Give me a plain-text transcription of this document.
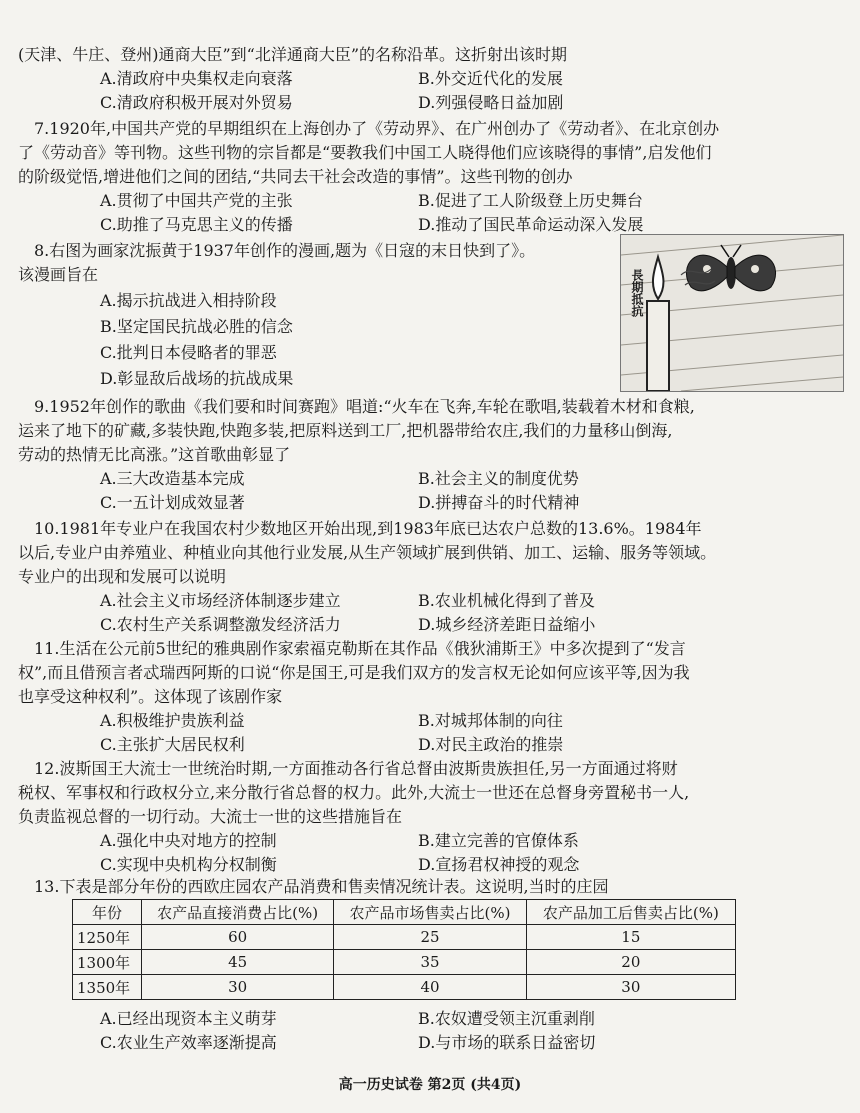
(天津、牛庄、登州)通商大臣”到“北洋通商大臣”的名称沿革。这折射出该时期
A.清政府中央集权走向衰落	B.外交近代化的发展
C.清政府积极开展对外贸易	D.列强侵略日益加剧
7.1920年,中国共产党的早期组织在上海创办了《劳动界》、在广州创办了《劳动者》、在北京创办
了《劳动音》等刊物。这些刊物的宗旨都是“要教我们中国工人晓得他们应该晓得的事情”,启发他们
的阶级觉悟,增进他们之间的团结,“共同去干社会改造的事情”。这些刊物的创办
A.贯彻了中国共产党的主张	B.促进了工人阶级登上历史舞台
C.助推了马克思主义的传播	D.推动了国民革命运动深入发展
8.右图为画家沈振黄于1937年创作的漫画,题为《日寇的末日快到了》。
该漫画旨在
A.揭示抗战进入相持阶段
B.坚定国民抗战必胜的信念
C.批判日本侵略者的罪恶
D.彰显敌后战场的抗战成果
長期抵抗
9.1952年创作的歌曲《我们要和时间赛跑》唱道:“火车在飞奔,车轮在歌唱,装载着木材和食粮,
运来了地下的矿藏,多装快跑,快跑多装,把原料送到工厂,把机器带给农庄,我们的力量移山倒海,
劳动的热情无比高涨。”这首歌曲彰显了
A.三大改造基本完成	B.社会主义的制度优势
C.一五计划成效显著	D.拼搏奋斗的时代精神
10.1981年专业户在我国农村少数地区开始出现,到1983年底已达农户总数的13.6%。1984年
以后,专业户由养殖业、种植业向其他行业发展,从生产领域扩展到供销、加工、运输、服务等领域。
专业户的出现和发展可以说明
A.社会主义市场经济体制逐步建立	B.农业机械化得到了普及
C.农村生产关系调整激发经济活力	D.城乡经济差距日益缩小
11.生活在公元前5世纪的雅典剧作家索福克勒斯在其作品《俄狄浦斯王》中多次提到了“发言
权”,而且借预言者忒瑞西阿斯的口说“你是国王,可是我们双方的发言权无论如何应该平等,因为我
也享受这种权利”。这体现了该剧作家
A.积极维护贵族利益	B.对城邦体制的向往
C.主张扩大居民权利	D.对民主政治的推崇
12.波斯国王大流士一世统治时期,一方面推动各行省总督由波斯贵族担任,另一方面通过将财
税权、军事权和行政权分立,来分散行省总督的权力。此外,大流士一世还在总督身旁置秘书一人,
负责监视总督的一切行动。大流士一世的这些措施旨在
A.强化中央对地方的控制	B.建立完善的官僚体系
C.实现中央机构分权制衡	D.宣扬君权神授的观念
13.下表是部分年份的西欧庄园农产品消费和售卖情况统计表。这说明,当时的庄园
年份	农产品直接消费占比(%)	农产品市场售卖占比(%)	农产品加工后售卖占比(%)
1250年	60	25	15
1300年	45	35	20
1350年	30	40	30
A.已经出现资本主义萌芽	B.农奴遭受领主沉重剥削
C.农业生产效率逐渐提高	D.与市场的联系日益密切
高一历史试卷 第2页 (共4页)
